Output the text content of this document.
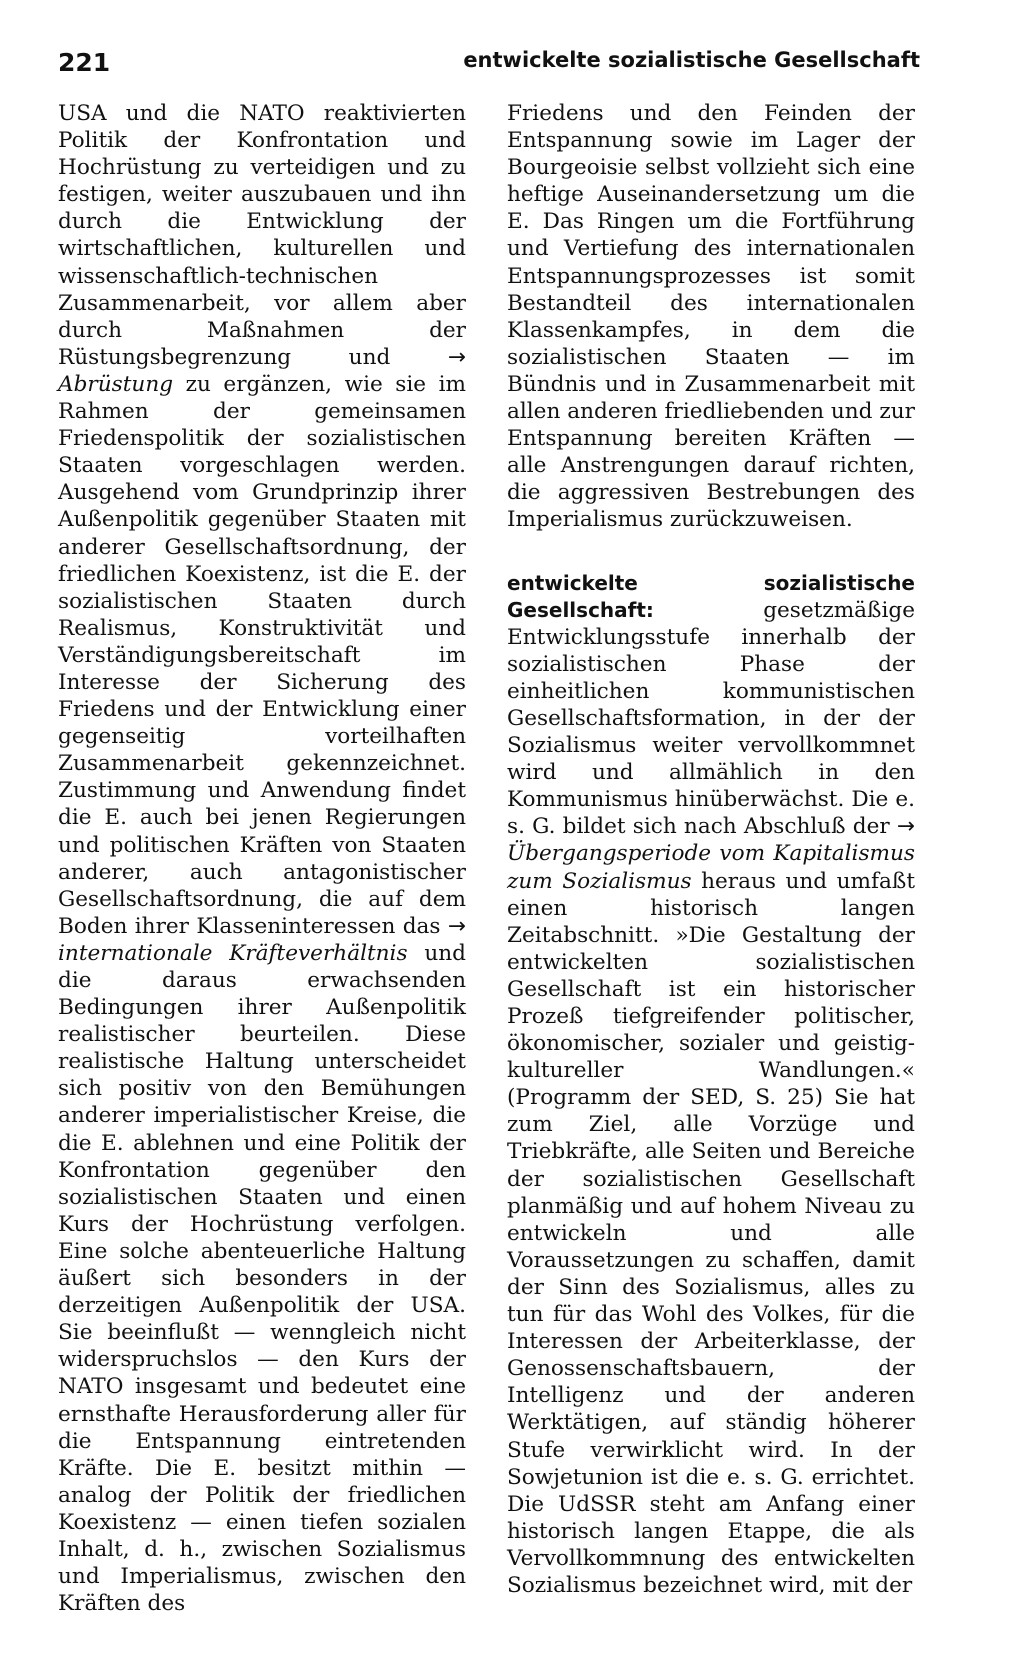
221	entwickelte sozialistische Gesellschaft

USA und die NATO reaktivierten Politik der Konfrontation und Hochrüstung zu verteidigen und zu festigen, weiter auszubauen und ihn durch die Entwicklung der wirtschaftlichen, kulturellen und wissenschaftlich-technischen Zusammenarbeit, vor allem aber durch Maßnahmen der Rüstungsbegrenzung und	→ Abrüstung zu ergänzen, wie sie im Rahmen der gemeinsamen Friedenspolitik der sozialistischen Staaten vorgeschlagen werden. Ausgehend vom Grundprinzip ihrer Außenpolitik gegenüber Staaten mit anderer Gesellschaftsordnung, der friedlichen Koexistenz, ist die E. der sozialistischen Staaten durch Realismus, Konstruktivität und Verständigungsbereitschaft im Interesse der Sicherung des Friedens und der Entwicklung einer gegenseitig vorteilhaften Zusammenarbeit gekennzeichnet. Zustimmung und Anwendung findet die E. auch bei jenen Regierungen und politischen Kräften von Staaten anderer, auch antagonistischer Gesellschaftsordnung, die auf dem Boden ihrer Klasseninteressen das → internationale Kräfteverhältnis und die daraus erwachsenden Bedingungen ihrer Außenpolitik realistischer beurteilen. Diese realistische Haltung unterscheidet sich positiv von den Bemühungen anderer imperialistischer Kreise, die die E. ablehnen und eine Politik der Konfrontation gegenüber den sozialistischen Staaten und einen Kurs der Hochrüstung verfolgen. Eine solche abenteuerliche Haltung äußert sich besonders in der derzeitigen Außenpolitik der USA. Sie beeinflußt — wenngleich nicht widerspruchslos — den Kurs der NATO insgesamt und bedeutet eine ernsthafte Herausforderung aller für die Entspannung eintretenden Kräfte. Die E. besitzt mithin — analog der Politik der friedlichen Koexistenz — einen tiefen sozialen Inhalt, d. h., zwischen Sozialismus und Imperialismus, zwischen den Kräften des

Friedens und den Feinden der Entspannung sowie im Lager der Bourgeoisie selbst vollzieht sich eine heftige Auseinandersetzung um die E. Das Ringen um die Fortführung und Vertiefung des internationalen Entspannungsprozesses ist somit Bestandteil des internationalen Klassenkampfes, in dem die sozialistischen Staaten — im Bündnis und in Zusammenarbeit mit allen anderen friedliebenden und zur Entspannung bereiten Kräften — alle Anstrengungen darauf richten, die aggressiven Bestrebungen des Imperialismus zurückzuweisen.

entwickelte sozialistische Gesellschaft:	gesetzmäßige Entwicklungsstufe innerhalb der sozialistischen Phase der einheitlichen kommunistischen Gesellschaftsformation, in der der Sozialismus weiter vervollkommnet wird und allmählich in den Kommunismus hinüberwächst. Die e. s. G. bildet sich nach Abschluß der → Übergangsperiode vom Kapitalismus zum Sozialismus heraus und umfaßt einen historisch langen Zeitabschnitt. »Die Gestaltung der entwickelten sozialistischen Gesellschaft ist ein historischer Prozeß tiefgreifender politischer, ökonomischer, sozialer und geistig-kultureller Wandlungen.« (Programm der SED, S. 25) Sie hat zum Ziel, alle Vorzüge und Triebkräfte, alle Seiten und Bereiche der sozialistischen Gesellschaft planmäßig und auf hohem Niveau zu entwickeln und alle Voraussetzungen zu schaffen, damit der Sinn des Sozialismus, alles zu tun für das Wohl des Volkes, für die Interessen der Arbeiterklasse, der Genossenschaftsbauern, der Intelligenz und der anderen Werktätigen, auf ständig höherer Stufe verwirklicht wird. In der Sowjetunion ist die e. s. G. errichtet. Die UdSSR steht am Anfang einer historisch langen Etappe, die als Vervollkommnung des entwickelten Sozialismus bezeichnet wird, mit der
